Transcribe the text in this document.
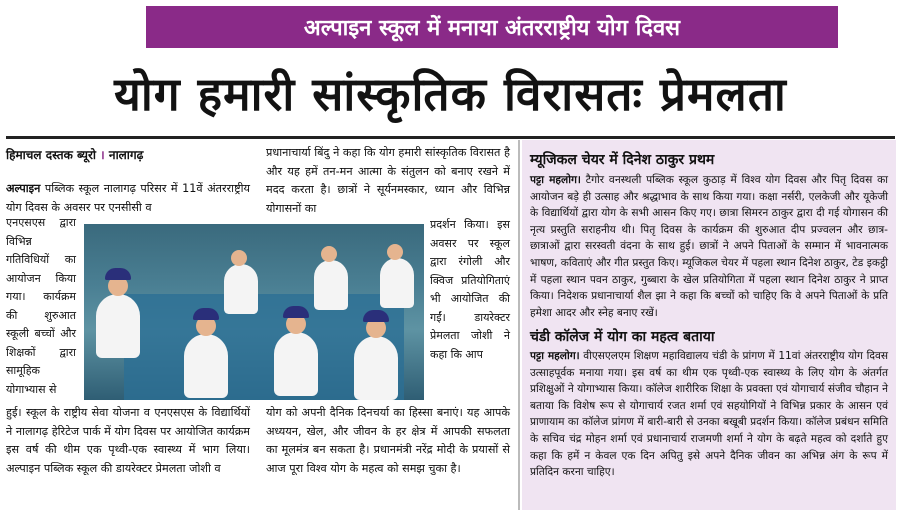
अल्पाइन स्कूल में मनाया अंतरराष्ट्रीय योग दिवस
योग हमारी सांस्कृतिक विरासतः प्रेमलता
हिमाचल दस्तक ब्यूरो । नालागढ़
अल्पाइन पब्लिक स्कूल नालागढ़ परिसर में 11वें अंतरराष्ट्रीय योग दिवस के अवसर पर एनसीसी व
एनएसएस द्वारा विभिन्न गतिविधियों का आयोजन किया गया। कार्यक्रम की शुरुआत स्कूली बच्चों और शिक्षकों द्वारा सामूहिक योगाभ्यास से
हुई। स्कूल के राष्ट्रीय सेवा योजना व एनएसएस के विद्यार्थियों ने नालागढ़ हेरिटेज पार्क में योग दिवस पर आयोजित कार्यक्रम इस वर्ष की थीम एक पृथ्वी-एक स्वास्थ्य में भाग लिया। अल्पाइन पब्लिक स्कूल की डायरेक्टर प्रेमलता जोशी व
प्रधानाचार्या बिंदु ने कहा कि योग हमारी सांस्कृतिक विरासत है और यह हमें तन-मन आत्मा के संतुलन को बनाए रखने में मदद करता है। छात्रों ने सूर्यनमस्कार, ध्यान और विभिन्न योगासनों का
प्रदर्शन किया। इस अवसर पर स्कूल द्वारा रंगोली और क्विज प्रतियोगिताएं भी आयोजित की गईं। डायरेक्टर प्रेमलता जोशी ने कहा कि आप
योग को अपनी दैनिक दिनचर्या का हिस्सा बनाएं। यह आपके अध्ययन, खेल, और जीवन के हर क्षेत्र में आपकी सफलता का मूलमंत्र बन सकता है। प्रधानमंत्री नरेंद्र मोदी के प्रयासों से आज पूरा विश्व योग के महत्व को समझ चुका है।
म्यूजिकल चेयर में दिनेश ठाकुर प्रथम
पट्टा महलोग। टैगोर वनस्थली पब्लिक स्कूल कुठाड़ में विश्व योग दिवस और पितृ दिवस का आयोजन बड़े ही उत्साह और श्रद्धाभाव के साथ किया गया। कक्षा नर्सरी, एलकेजी और यूकेजी के विद्यार्थियों द्वारा योग के सभी आसन किए गए। छात्रा सिमरन ठाकुर द्वारा दी गई योगासन की नृत्य प्रस्तुति सराहनीय थी। पितृ दिवस के कार्यक्रम की शुरुआत दीप प्रज्वलन और छात्र-छात्राओं द्वारा सरस्वती वंदना के साथ हुई। छात्रों ने अपने पिताओं के सम्मान में भावनात्मक भाषण, कविताएं और गीत प्रस्तुत किए। म्यूजिकल चेयर में पहला स्थान दिनेश ठाकुर, टेड इकट्ठी में पहला स्थान पवन ठाकुर, गुब्बारा के खेल प्रतियोगिता में पहला स्थान दिनेश ठाकुर ने प्राप्त किया। निदेशक प्रधानाचार्या शैल झा ने कहा कि बच्चों को चाहिए कि वे अपने पिताओं के प्रति हमेशा आदर और स्नेह बनाए रखें।
चंडी कॉलेज में योग का महत्व बताया
पट्टा महलोग। वीएसएलएम शिक्षण महाविद्यालय चंडी के प्रांगण में 11वां अंतरराष्ट्रीय योग दिवस उत्साहपूर्वक मनाया गया। इस वर्ष का थीम एक पृथ्वी-एक स्वास्थ्य के लिए योग के अंतर्गत प्रशिक्षुओं ने योगाभ्यास किया। कॉलेज शारीरिक शिक्षा के प्रवक्ता एवं योगाचार्य संजीव चौहान ने बताया कि विशेष रूप से योगाचार्य रजत शर्मा एवं सहयोगियों ने विभिन्न प्रकार के आसन एवं प्राणायाम का कॉलेज प्रांगण में बारी-बारी से उनका बखूबी प्रदर्शन किया। कॉलेज प्रबंधन समिति के सचिव चंद्र मोहन शर्मा एवं प्रधानाचार्य राजमणी शर्मा ने योग के बढ़ते महत्व को दर्शाते हुए कहा कि हमें न केवल एक दिन अपितु इसे अपने दैनिक जीवन का अभिन्न अंग के रूप में प्रतिदिन करना चाहिए।
